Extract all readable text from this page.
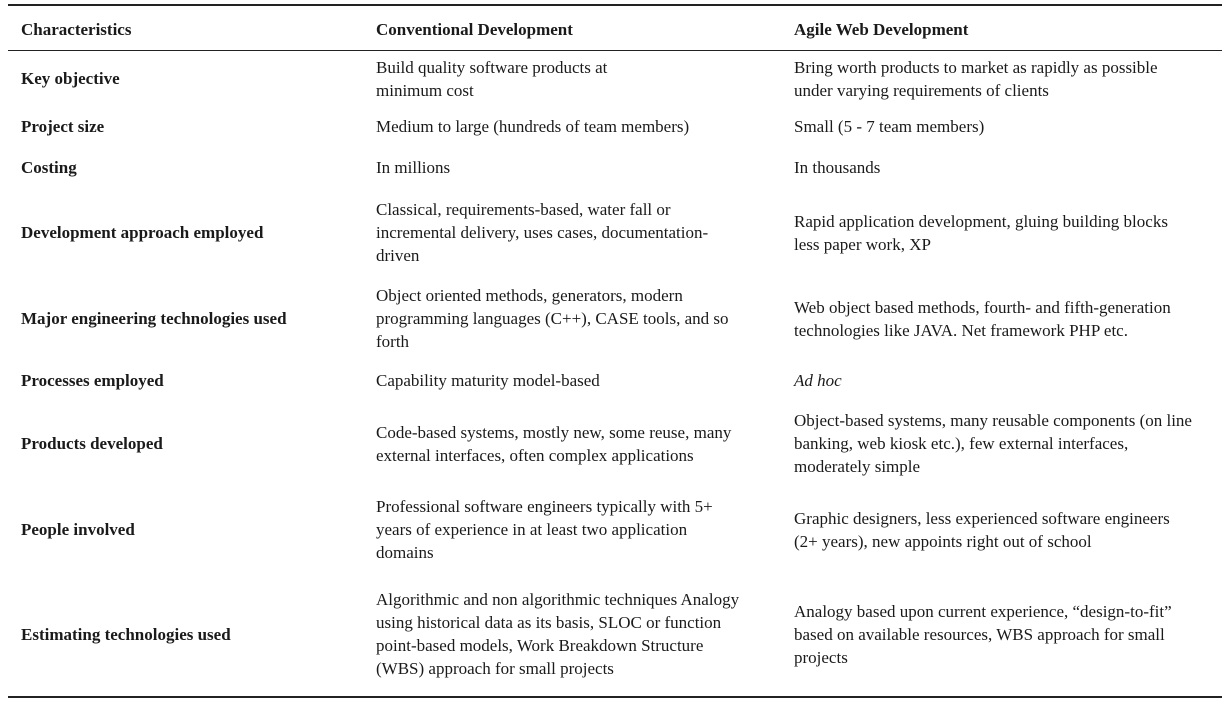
Characteristics	Conventional Development	Agile Web Development
Key objective	Build quality software products at minimum cost	Bring worth products to market as rapidly as possible under varying requirements of clients

Project size	Medium to large (hundreds of team members)	Small (5 - 7 team members)

Costing	In millions	In thousands

Development approach employed	Classical, requirements-based, water fall or incremental delivery, uses cases, documentation-driven	Rapid application development, gluing building blocks less paper work, XP

Major engineering technologies used	Object oriented methods, generators, modern programming languages (C++), CASE tools, and so forth	Web object based methods, fourth- and fifth-generation technologies like JAVA. Net framework PHP etc.

Processes employed	Capability maturity model-based	Ad hoc

Products developed	Code-based systems, mostly new, some reuse, many external interfaces, often complex applications	Object-based systems, many reusable components (on line banking, web kiosk etc.), few external interfaces, moderately simple

People involved	Professional software engineers typically with 5+ years of experience in at least two application domains	Graphic designers, less experienced software engineers (2+ years), new appoints right out of school

Estimating technologies used	Algorithmic and non algorithmic techniques Analogy using historical data as its basis, SLOC or function point-based models, Work Breakdown Structure (WBS) approach for small projects	Analogy based upon current experience, “design-to-fit” based on available resources, WBS approach for small projects
